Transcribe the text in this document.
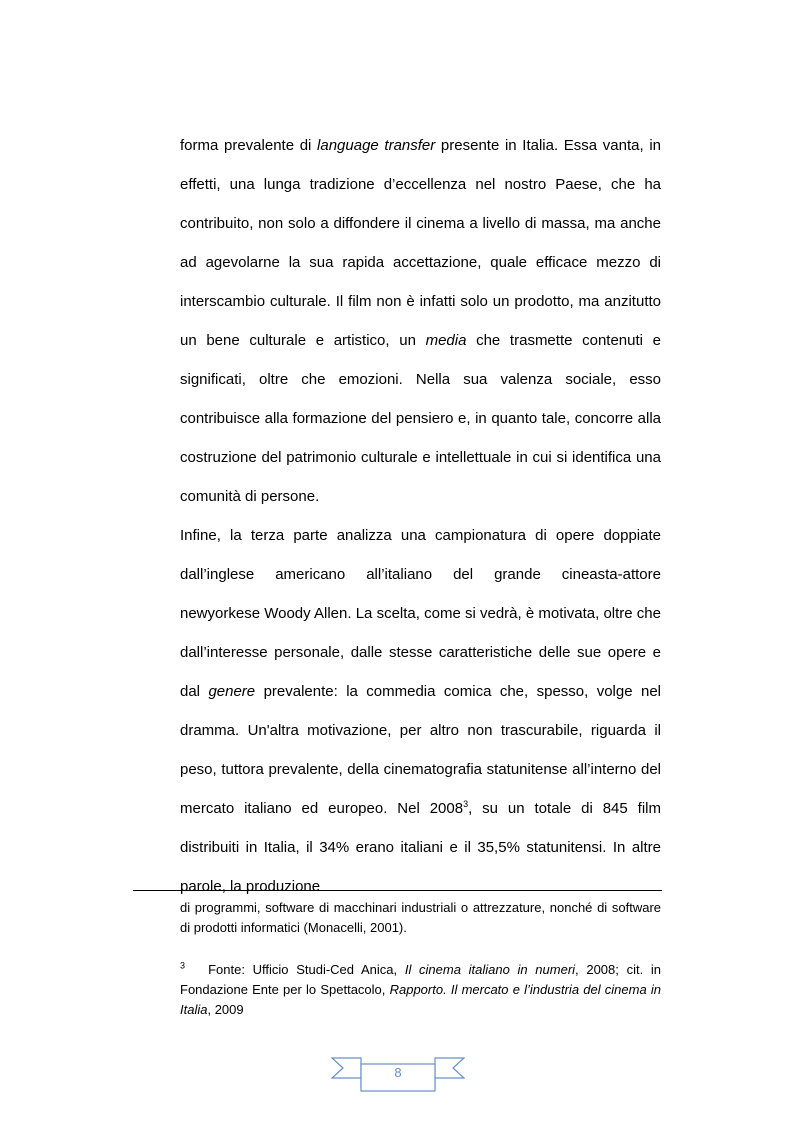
forma prevalente di language transfer presente in Italia. Essa vanta, in effetti, una lunga tradizione d’eccellenza nel nostro Paese, che ha contribuito, non solo a diffondere il cinema a livello di massa, ma anche ad agevolarne la sua rapida accettazione, quale efficace mezzo di interscambio culturale. Il film non è infatti solo un prodotto, ma anzitutto un bene culturale e artistico, un media che trasmette contenuti e significati, oltre che emozioni. Nella sua valenza sociale, esso contribuisce alla formazione del pensiero e, in quanto tale, concorre alla costruzione del patrimonio culturale e intellettuale in cui si identifica una comunità di persone.

Infine, la terza parte analizza una campionatura di opere doppiate dall’inglese americano all’italiano del grande cineasta-attore newyorkese Woody Allen. La scelta, come si vedrà, è motivata, oltre che dall’interesse personale, dalle stesse caratteristiche delle sue opere e dal genere prevalente: la commedia comica che, spesso, volge nel dramma. Un'altra motivazione, per altro non trascurabile, riguarda il peso, tuttora prevalente, della cinematografia statunitense all’interno del mercato italiano ed europeo. Nel 2008$^3$, su un totale di 845 film distribuiti in Italia, il 34% erano italiani e il 35,5% statunitensi. In altre parole, la produzione

di programmi, software di macchinari industriali o attrezzature, nonché di software di prodotti informatici (Monacelli, 2001).

$^3$ Fonte: Ufficio Studi-Ced Anica, Il cinema italiano in numeri, 2008; cit. in Fondazione Ente per lo Spettacolo, Rapporto. Il mercato e l’industria del cinema in Italia, 2009

8
